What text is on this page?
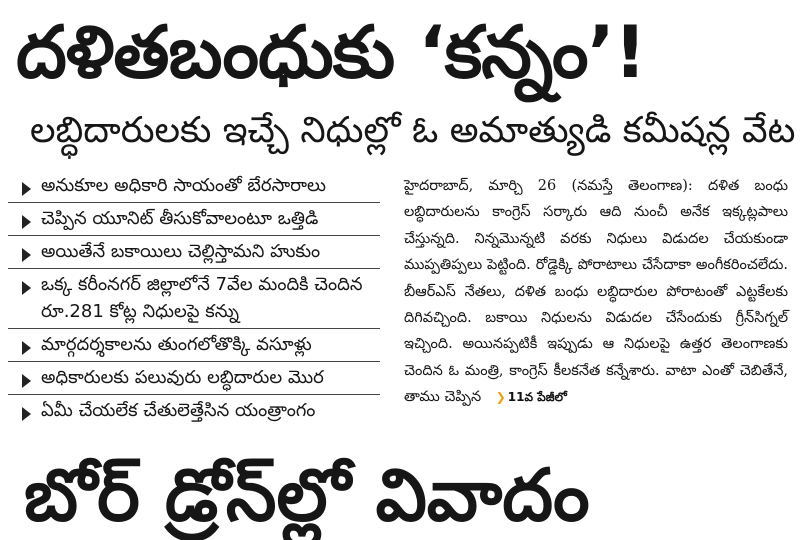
దళితబంధుకు ‘కన్నం’!
లబ్ధిదారులకు ఇచ్చే నిధుల్లో ఓ అమాత్యుడి కమీషన్ల వేట
అనుకూల అధికారి సాయంతో బేరసారాలు
చెప్పిన యూనిట్ తీసుకోవాలంటూ ఒత్తిడి
అయితేనే బకాయిలు చెల్లిస్తామని హుకుం
ఒక్క కరీంనగర్ జిల్లాలోనే 7వేల మందికి చెందిన రూ.281 కోట్ల నిధులపై కన్ను
మార్గదర్శకాలను తుంగలోతొక్కి వసూళ్లు
అధికారులకు పలువురు లబ్ధిదారుల మొర
ఏమీ చేయలేక చేతులెత్తేసిన యంత్రాంగం
హైదరాబాద్, మార్చి 26 (నమస్తే తెలంగాణ): దళిత బంధు లబ్ధిదారులను కాంగ్రెస్ సర్కారు ఆది నుంచీ అనేక ఇక్కట్లపాలు చేస్తున్నది. నిన్నమొన్నటి వరకు నిధులు విడుదల చేయకుండా ముప్పతిప్పలు పెట్టింది. రోడ్డెక్కి పోరాటాలు చేసేదాకా అంగీకరించలేదు. బీఆర్ఎస్ నేతలు, దళిత బంధు లబ్ధిదారుల పోరాటంతో ఎట్టకేలకు దిగివచ్చింది. బకాయి నిధులను విడుదల చేసేందుకు గ్రీన్‌సిగ్నల్ ఇచ్చింది. అయినప్పటికీ ఇప్పుడు ఆ నిధులపై ఉత్తర తెలంగాణకు చెందిన ఓ మంత్రి, కాంగ్రెస్ కీలకనేత కన్నేశారు. వాటా ఎంతో చెబితేనే, తాము చెప్పిన ❯ 11వ పేజీలో
బోర్ డ్రోన్‌ల్లో వివాదం
